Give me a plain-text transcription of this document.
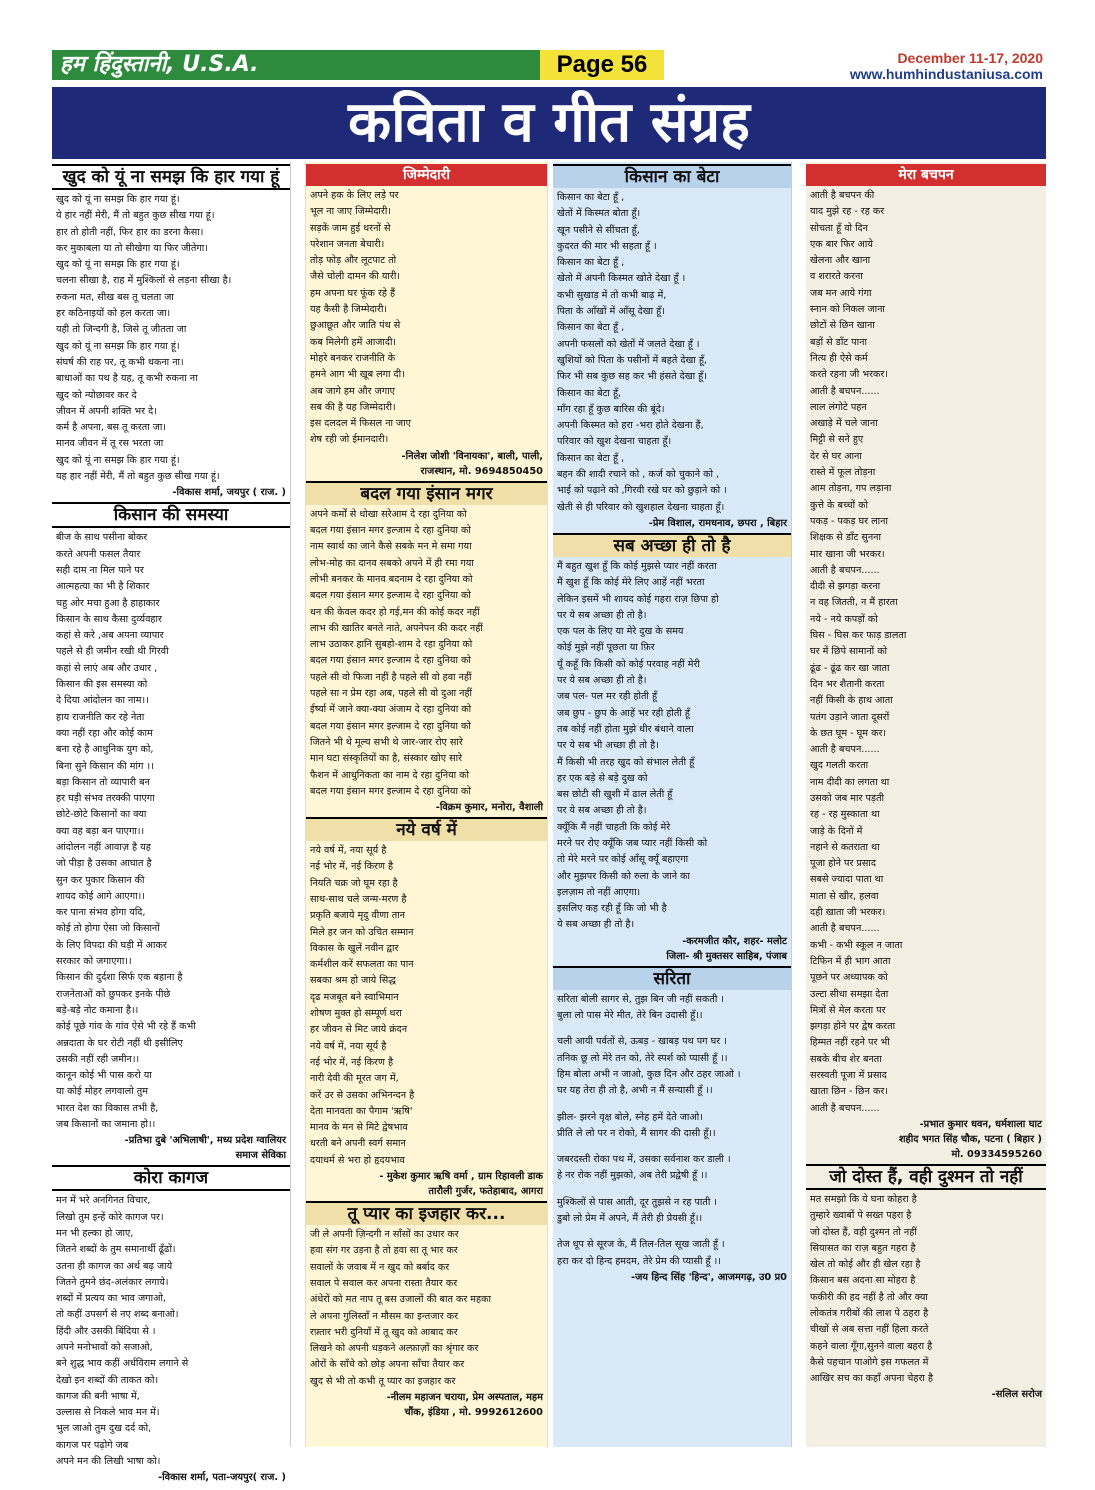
हम हिंदुस्तानी, U.S.A.	Page 56	December 11-17, 2020
www.humhindustaniusa.com
कविता व गीत संग्रह
खुद को यूं ना समझ कि हार गया हूं
खुद को यूं ना समझ कि हार गया हूं।
ये हार नहीं मेरी, मैं तो बहुत कुछ सीख गया हूं।
हार तो होती नहीं, फिर हार का डरना कैसा।
कर मुकाबला या तो सीखेगा या फिर जीतेगा।
खुद को यूं ना समझ कि हार गया हूं।
चलना सीखा है, राह में मुश्किलों से लड़ना सीखा है।
रुकना मत, सीख बस तू चलता जा
हर कठिनाइयों को हल करता जा।
यही तो जिन्दगी है, जिसे तू जीतता जा
खुद को यूं ना समझ कि हार गया हूं।
संघर्ष की राह पर, तू कभी थकना ना।
बाधाओं का पथ है यह, तू कभी रुकना ना
खुद को न्योछावर कर दे
जीवन में अपनी शक्ति भर दे।
कर्म है अपना, बस तू करता जा।
मानव जीवन में तू रस भरता जा
खुद को यूं ना समझ कि हार गया हूं।
यह हार नहीं मेरी, मैं तो बहुत कुछ सीख गया हूं।
-विकास शर्मा, जयपुर ( राज. )
किसान की समस्या
बीज के साथ पसीना बोकर
करते अपनी फसल तैयार
सही दाम ना मिल पाने पर
आत्महत्या का भी है शिकार
चहु ओर मचा हुआ है हाहाकार
किसान के साथ कैसा दुर्व्यवहार
कहां से करे ,अब अपना व्यापार
पहले से ही जमीन रखी थी गिरवी
कहां से लाएं अब और उधार ,
किसान की इस समस्या को
दे दिया आंदोलन का नाम।।
हाय राजनीति कर रहे नेता
क्या नहीं रहा और कोई काम
बना रहे है आधुनिक युग को,
बिना सुने किसान की मांग ।।
बड़ा किसान तो व्यापारी बन
हर घड़ी संभव तरक्की पाएगा
छोटे-छोटे किसानों का क्या
क्या वह बड़ा बन पाएगा।।
आंदोलन नहीं आवाज़ है यह
जो पीड़ा है उसका आघात है
सुन कर पुकार किसान की
शायद कोई आगे आएगा।।
कर पाना संभव होगा यदि,
कोई तो होगा ऐसा जो किसानों
के लिए विपदा की घड़ी में आकर
सरकार को जगाएगा।।
किसान की दुर्दशा सिर्फ एक बहाना है
राजनेताओं को छुपकर इनके पीछे
बड़े-बड़े नोट कमाना है।।
कोई पूछे गांव के गांव ऐसे भी रहे हैं कभी
अन्नदाता के घर रोटी नहीं थी इसीलिए
उसकी नहीं रही जमीन।।
कानून कोई भी पास करो या
या कोई मोहर लगवालो तुम
भारत देश का विकास तभी है,
जब किसानों का जमाना हो।।
-प्रतिभा दुबे 'अभिलाषी', मध्य प्रदेश ग्वालियर
समाज सेविका
कोरा कागज
मन में भरे अनगिनत विचार,
लिखो तुम इन्हें कोरे कागज पर।
मन भी हल्का हो जाए,
जितने शब्दों के तुम समानार्थी ढूँढों।
उतना ही कागज का अर्थ बढ़ जाये
जितने तुमने छंद-अलंकार लगाये।
शब्दों में प्रत्यय का भाव जगाओ,
तो कहीं उपसर्ग से नए शब्द बनाओ।
हिंदी और उसकी बिंदिया से ।
अपने मनोभावों को सजाओ,
बने शुद्ध भाव कहीं अर्धविराम लगाने से
देखो इन शब्दों की ताकत को।
कागज की बनी भाषा में,
उल्लास से निकले भाव मन में।
भुल जाओ तुम दुख दर्द को,
कागज पर पढ़ोगे जब
अपने मन की लिखी भाषा को।
-विकास शर्मा, पता-जयपुर( राज. )
जिम्मेदारी
अपने हक के लिए लड़े पर
भूल ना जाए जिम्मेदारी।
सड़कें जाम हुई धरनों से
परेशान जनता बेचारी।
तोड़ फोड़ और लूटपाट तो
जैसे चोली दामन की यारी।
हम अपना घर फूंक रहे हैं
यह कैसी है जिम्मेदारी।
छुआछूत और जाति पंथ से
कब मिलेगी हमें आजादी।
मोहरे बनकर राजनीति के
हमने आग भी खूब लगा दी।
अब जागे हम और जगाए
सब की है यह जिम्मेदारी।
इस दलदल में फिसल ना जाए
शेष रही जो ईमानदारी।
-निलेश जोशी 'विनायका', बाली, पाली,
राजस्थान, मो. 9694850450
बदल गया इंसान मगर
अपने कर्मों से धोखा सरेआम दे रहा दुनिया को
बदल गया इंसान मगर इल्जाम दे रहा दुनिया को
नाम स्वार्थ का जाने कैसे सबके मन मे समा गया
लोभ-मोह का दानव सबको अपने में ही रमा गया
लोभी बनकर के मानव बदनाम दे रहा दुनिया को
बदल गया इंसान मगर इल्जाम दे रहा दुनिया को
धन की केवल कदर हो गई,मन की कोई कदर नहीं
लाभ की खातिर बनते नाते, अपनेपन की कदर नहीं
लाभ उठाकर हानि सुबहो-शाम दे रहा दुनिया को
बदल गया इंसान मगर इल्जाम दे रहा दुनिया को
पहले सी वो फिजा नहीं है पहले सी वो हवा नहीं
पहले सा न प्रेम रहा अब, पहले सी वो दुआ नहीं
ईर्ष्या में जाने क्या-क्या अंजाम दे रहा दुनिया को
बदल गया इंसान मगर इल्जाम दे रहा दुनिया को
जितने भी थे मूल्य सभी थे जार-जार रोए सारे
मान घटा संस्कृतियों का है, संस्कार खोए सारे
फैशन में आधुनिकता का नाम दे रहा दुनिया को
बदल गया इंसान मगर इल्जाम दे रहा दुनिया को
-विक्रम कुमार, मनोरा, वैशाली
नये वर्ष में
नये वर्ष में, नया सूर्य है
नई भोर में, नई किरण है
नियति चक्र जो घूम रहा है
साथ-साथ चले जन्म-मरण है
प्रकृति बजाये मृदु वीणा तान
मिले हर जन को उचित सम्मान
विकास के खुलें नवीन द्वार
कर्मशील करें सफलता का पान
सबका श्रम हो जाये सिद्ध
दृढ मजबूत बने स्वाभिमान
शोषण मुक्त हो सम्पूर्ण धरा
हर जीवन से मिट जाये क्रंदन
नये वर्ष में, नया सूर्य है
नई भोर में, नई किरण है
नारी देवी की मूरत जग में,
करें उर से उसका अभिनन्दन है
देता मानवता का पैगाम 'ऋषि'
मानव के मन से मिटे द्वेषभाव
धरती बने अपनी स्वर्ग समान
दयाधर्म से भरा हो हृदयभाव
- मुकेश कुमार ऋषि वर्मा , ग्राम रिहावली डाक
तारौली गुर्जर, फतेहाबाद, आगरा
तू प्यार का इजहार कर...
जी ले अपनी ज़िन्दगी न साँसों का उधार कर
हवा संग गर उड़ना है तो हवा सा तू भार कर
सवालों के जवाब में न खुद को बर्बाद कर
सवाल पे सवाल कर अपना रास्ता तैयार कर
अंधेरों को मत नाप तू बस उजालों की बात कर महका
ले अपना गुलिस्ताँ न मौसम का इन्तजार कर
रफ़्तार भरी दुनियाँ में तू खुद को आबाद कर
लिखने को अपनी धड़कने अल्फ़ाज़ों का श्रृंगार कर
ओरों के साँचे को छोड़ अपना साँचा तैयार कर
खुद से भी तो कभी तू प्यार का इजहार कर
-नीलम महाजन चराया, प्रेम अस्पताल, महम
चौंक, इंडिया , मो. 9992612600
किसान का बेटा
किसान का बेटा हूँ ,
खेतों में किस्मत बोता हूँ।
खून पसीने से सींचता हूँ,
कुदरत की मार भी सहता हूँ ।
किसान का बेटा हूँ ,
खेतो में अपनी किस्मत खोते देखा हूँ ।
कभी सुखाड़ में तो कभी बाढ़ में,
पिता के आँखों में आँसू देखा हूँ।
किसान का बेटा हूँ ,
अपनी फसलों को खेतों में जलते देखा हूँ ।
खुशियों को पिता के पसीनों में बहते देखा हूँ,
फिर भी सब कुछ सह कर भी हंसते देखा हूँ।
किसान का बेटा हूँ,
माँग रहा हूँ कुछ बारिस की बूंदे।
अपनी किस्मत को हरा -भरा होते देखना हैं,
परिवार को खुश देखना चाहता हूँ।
किसान का बेटा हूँ ,
बहन की शादी रचाने को , कर्ज को चुकाने को ,
भाई को पढ़ाने को ,गिरवी रखे घर को छुड़ाने को ।
खेती से ही परिवार को खुशहाल देखना चाहता हूँ।
-प्रेम विशाल, रामधनाव, छपरा , बिहार
सब अच्छा ही तो है
मैं बहुत खुश हूँ कि कोई मुझसे प्यार नहीं करता
मैं खुश हूँ कि कोई मेरे लिए आहें नहीं भरता
लेकिन इसमें भी शायद कोई गहरा राज़ छिपा हो
पर ये सब अच्छा ही तो है।
एक पल के लिए या मेरे दुख के समय
कोई मुझे नहीं पूछता या फ़िर
यूँ कहूँ कि किसी को कोई परवाह नहीं मेरी
पर ये सब अच्छा ही तो है।
जब पल- पल मर रही होती हूँ
जब छुप - छुप के आहें भर रही होती हूँ
तब कोई नहीं होता मुझे धीर बंधाने वाला
पर ये सब भी अच्छा ही तो है।
मैं किसी भी तरह खुद को संभाल लेती हूँ
हर एक बड़े से बड़े दुख को
बस छोटी सी खुशी में ढाल लेती हूँ
पर ये सब अच्छा ही तो है।
क्यूँकि मैं नहीं चाहती कि कोई मेरे
मरने पर रोए क्यूँकि जब प्यार नहीं किसी को
तो मेरे मरने पर कोई आँसू क्यूँ बहाएगा
और मुझपर किसी को रुला के जाने का
इलज़ाम तो नहीं आएगा।
इसलिए कह रही हूँ कि जो भी है
ये सब अच्छा ही तो है।
-करमजीत कौर, शहर- मलोट
जिला- श्री मुक्तसर साहिब, पंजाब
सरिता
सरिता बोली सागर से, तुझ बिन जी नहीं सकती ।
बुला लो पास मेरे मीत, तेरे बिन उदासी हूँ।।
चली आयी पर्वतों से, ऊबड़ - खाबड़ पथ पग घर ।
तनिक छू लो मेरे तन को, तेरे स्पर्श को प्यासी हूँ ।।
हिम बोला अभी न जाओ, कुछ दिन और ठहर जाओ ।
घर यह तेरा ही तो है, अभी न मैं सन्यासी हूँ ।।
झील- झरने वृक्ष बोले, स्नेह हमें देते जाओ।
प्रीति ले लो पर न रोको, मैं सागर की दासी हूँ।।
जबरदस्ती रोका पथ में, उसका सर्वनाश कर डाली ।
हे नर रोक नहीं मुझको, अब तेरी प्रद्वेषी हूँ ।।
मुश्किलों से पास आती, दूर तुझसे न रह पाती ।
डुबो लो प्रेम में अपने, मैं तेरी ही प्रेयसी हूँ।।
तेज धूप से सूरज के, मैं तिल-तिल सूख जाती हूँ ।
हरा कर दो हिन्द हमदम, तेरे प्रेम की प्यासी हूँ ।।
-जय हिन्द सिंह 'हिन्द', आजमगढ़, उ0 प्र0
मेरा बचपन
आती है बचपन की
याद मुझे रह - रह कर
सोचता हूँ वो दिन
एक बार फिर आये
खेलना और खाना
व शरारते करना
जब मन आये गंगा
स्नान को निकल जाना
छोटों से छिन खाना
बड़ों से डाँट पाना
नित्य ही ऐसे कर्म
करते रहना जी भरकर।
आती है बचपन......
लाल लंगोटे पहन
अखाड़े में चले जाना
मिट्टी से सने हुए
देर से घर आना
रास्ते में फूल तोड़ना
आम तोड़ना, गप लड़ाना
कुत्ते के बच्चों को
पकड़ - पकड़ घर लाना
शिक्षक से डाँट सुनना
मार खाना जी भरकर।
आती है बचपन......
दीदी से झगड़ा करना
न वह जितती, न मैं हारता
नये - नये कपड़ों को
घिस - घिस कर फाड़ डालता
घर में छिपे सामानों को
ढूंढ - ढूंढ कर खा जाता
दिन भर शैतानी करता
नहीं किसी के हाथ आता
पतंग उड़ाने जाता दूसरों
के छत घूम - घूम कर।
आती है बचपन......
खुद गलती करता
नाम दीदी का लगता था
उसको जब मार पड़ती
रह - रह मुस्काता था
जाड़े के दिनों में
नहाने से कतराता था
पूजा होने पर प्रसाद
सबसे ज्यादा पाता था
माता से खीर, हलवा
दही खाता जी भरकर।
आती है बचपन......
कभी - कभी स्कूल न जाता
टिफिन में ही भाग आता
पूछने पर अध्यापक को
उल्टा सीधा समझा देता
मित्रों से मेल करता पर
झगड़ा होने पर द्वेष करता
हिम्मत नहीं रहने पर भी
सबके बीच शेर बनता
सरस्वती पूजा में प्रसाद
खाता छिन - छिन कर।
आती है बचपन......
-प्रभात कुमार धवन, धर्मशाला घाट
शहीद भगत सिंह चौक, पटना ( बिहार )
मो. 09334595260
जो दोस्त हैं, वही दुश्मन तो नहीं
मत समझो कि ये घना कोहरा है
तुम्हारे ख्वाबों पे सख्त पहरा है
जो दोस्त हैं, वही दुश्मन तो नहीं
सियासत का राज़ बहुत गहरा है
खेल तो कोई और ही खेल रहा है
किसान बस अदना सा मोहरा है
फकीरी की हद नहीं है तो और क्या
लोकतंत्र गरीबों की लाश पे ठहरा है
चीखों से अब सत्ता नहीं हिला करते
कहने वाला गूँगा,सुनने वाला बहरा है
कैसे पहचान पाओगे इस गफलत में
आखिर सच का कहाँ अपना चेहरा है
-सलिल सरोज
